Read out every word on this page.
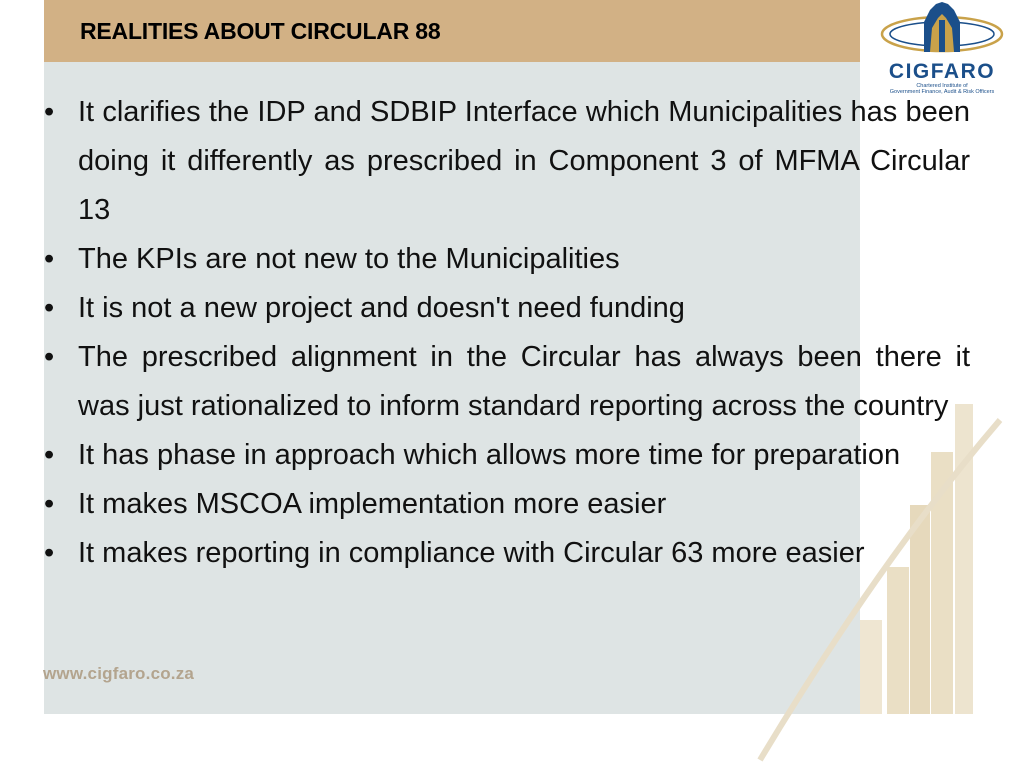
REALITIES ABOUT CIRCULAR 88
CIGFARO
Chartered Institute of
Government Finance, Audit & Risk Officers
www.cigfaro.co.za
• It clarifies the IDP and SDBIP Interface which Municipalities has been doing it differently as prescribed in Component 3 of MFMA Circular 13
• The KPIs are not new to the Municipalities
• It is not a new project and doesn't need funding
• The prescribed alignment in the Circular has always been there it was just rationalized to inform standard reporting across the country
• It has phase in approach which allows more time for preparation
• It makes MSCOA implementation more easier
• It makes reporting in compliance with Circular 63 more easier
